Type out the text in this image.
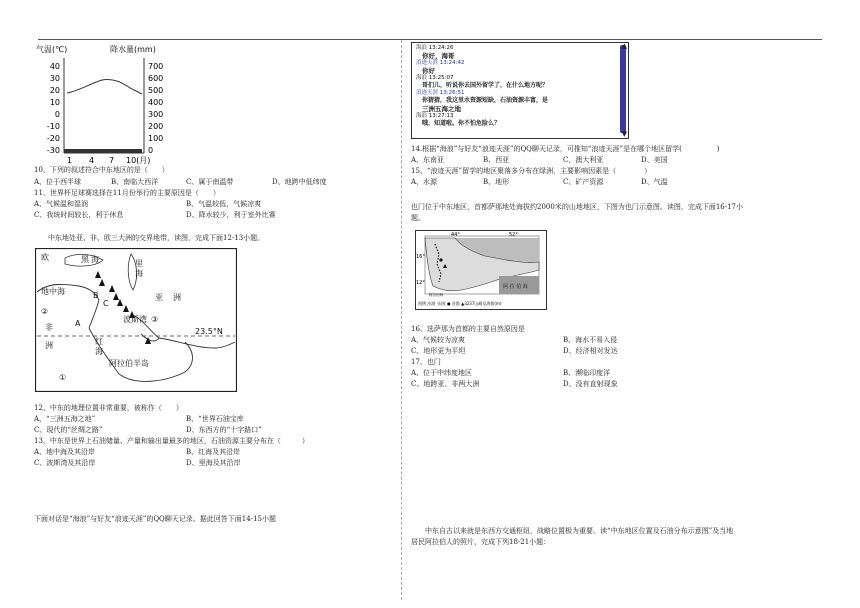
气温(℃)	降水量(mm)
40
30
20
10
0
-10
-20
-30
700
600
500
400
300
200
100
0
1 4 7 10(月)
10、下列的叙述符合中东地区的是（　　）
A、位于西半球	B、南临大西洋	C、属于南温带	D、地跨中低纬度
11、世界杯足球赛选择在11月份举行的主要原因是（　　）
A、气候温和湿润	B、气温较低，气候凉爽
C、我统时间较长，利于休息	D、降水较少，利于室外比赛
中东地处亚、非、欧三大洲的交界地带，读图，完成下面12-13小题。
欧	黑 海	里
海
地中海	B
C
亚 洲
②
非	A	波斯湾 ③
23.5°N
洲	红
海
阿拉伯半岛
①
12、中东的地理位置非常重要，被称作（　　）
A、“三洲五海之地”	B、“世界石油宝库
C、现代的“丝绸之路”	D、东西方的“十字路口”
13、中东是世界上石油储量、产量和输出量最多的地区，石油资源主要分布在（　　　）
A、地中海及其沿岸	B、红海及其沿岸
C、波斯湾及其沿岸	D、里海及其沿岸
下面对话是“海浪”与好友“浪迹天涯”的QQ聊天记录。据此回答下面14-15小题
▲
▼
海浪 13:24:26
你好，海哥
浪迹天涯 13:24:42
你好
海浪 13:25:07
哥们儿，听说你去国外留学了，在什么地方呢？
浪迹天涯 13:26:51
你猜猜，我这里水资源短缺，石油资源丰富，是
三洲五海之地
海浪 13:27:13
哦，知道啦。你不怕危险么？
14.根据“海浪”与好友“浪迹天涯”的QQ聊天记录，可推知“浪迹天涯”是在哪个地区留学(　　　　　)
A、东南亚	B、西亚	C、澳大利亚	D、美国
15、“浪迹天涯”留学的地区聚落多分布在绿洲，主要影响因素是（　　　　）
A、水源	B、地形	C、矿产资源	D、气温
也门位于中东地区，首都萨那地处海拔约2000米的山地地区，下图为也门示意图。读图，完成下面16-17小
题。
44°	52°
16°
12°
阿拉伯海
阿 拉 伯 海
图例 沙漠 ·国界 ● 首都 ▲3237山峰及海拔(m)
16、选萨那为首都的主要自然原因是
A、气候较为凉爽	B、海水不易入侵
C、地形更为平坦	D、经济相对发达
17、也门
A、位于中纬度地区	B、濒临印度洋
C、地跨亚、非两大洲	D、没有直射现象
中东自古以来就是东西方交通枢纽，战略位置极为重要。读“中东地区位置及石油分布示意图”及当地
居民阿拉伯人的照片，完成下列18-21小题：
